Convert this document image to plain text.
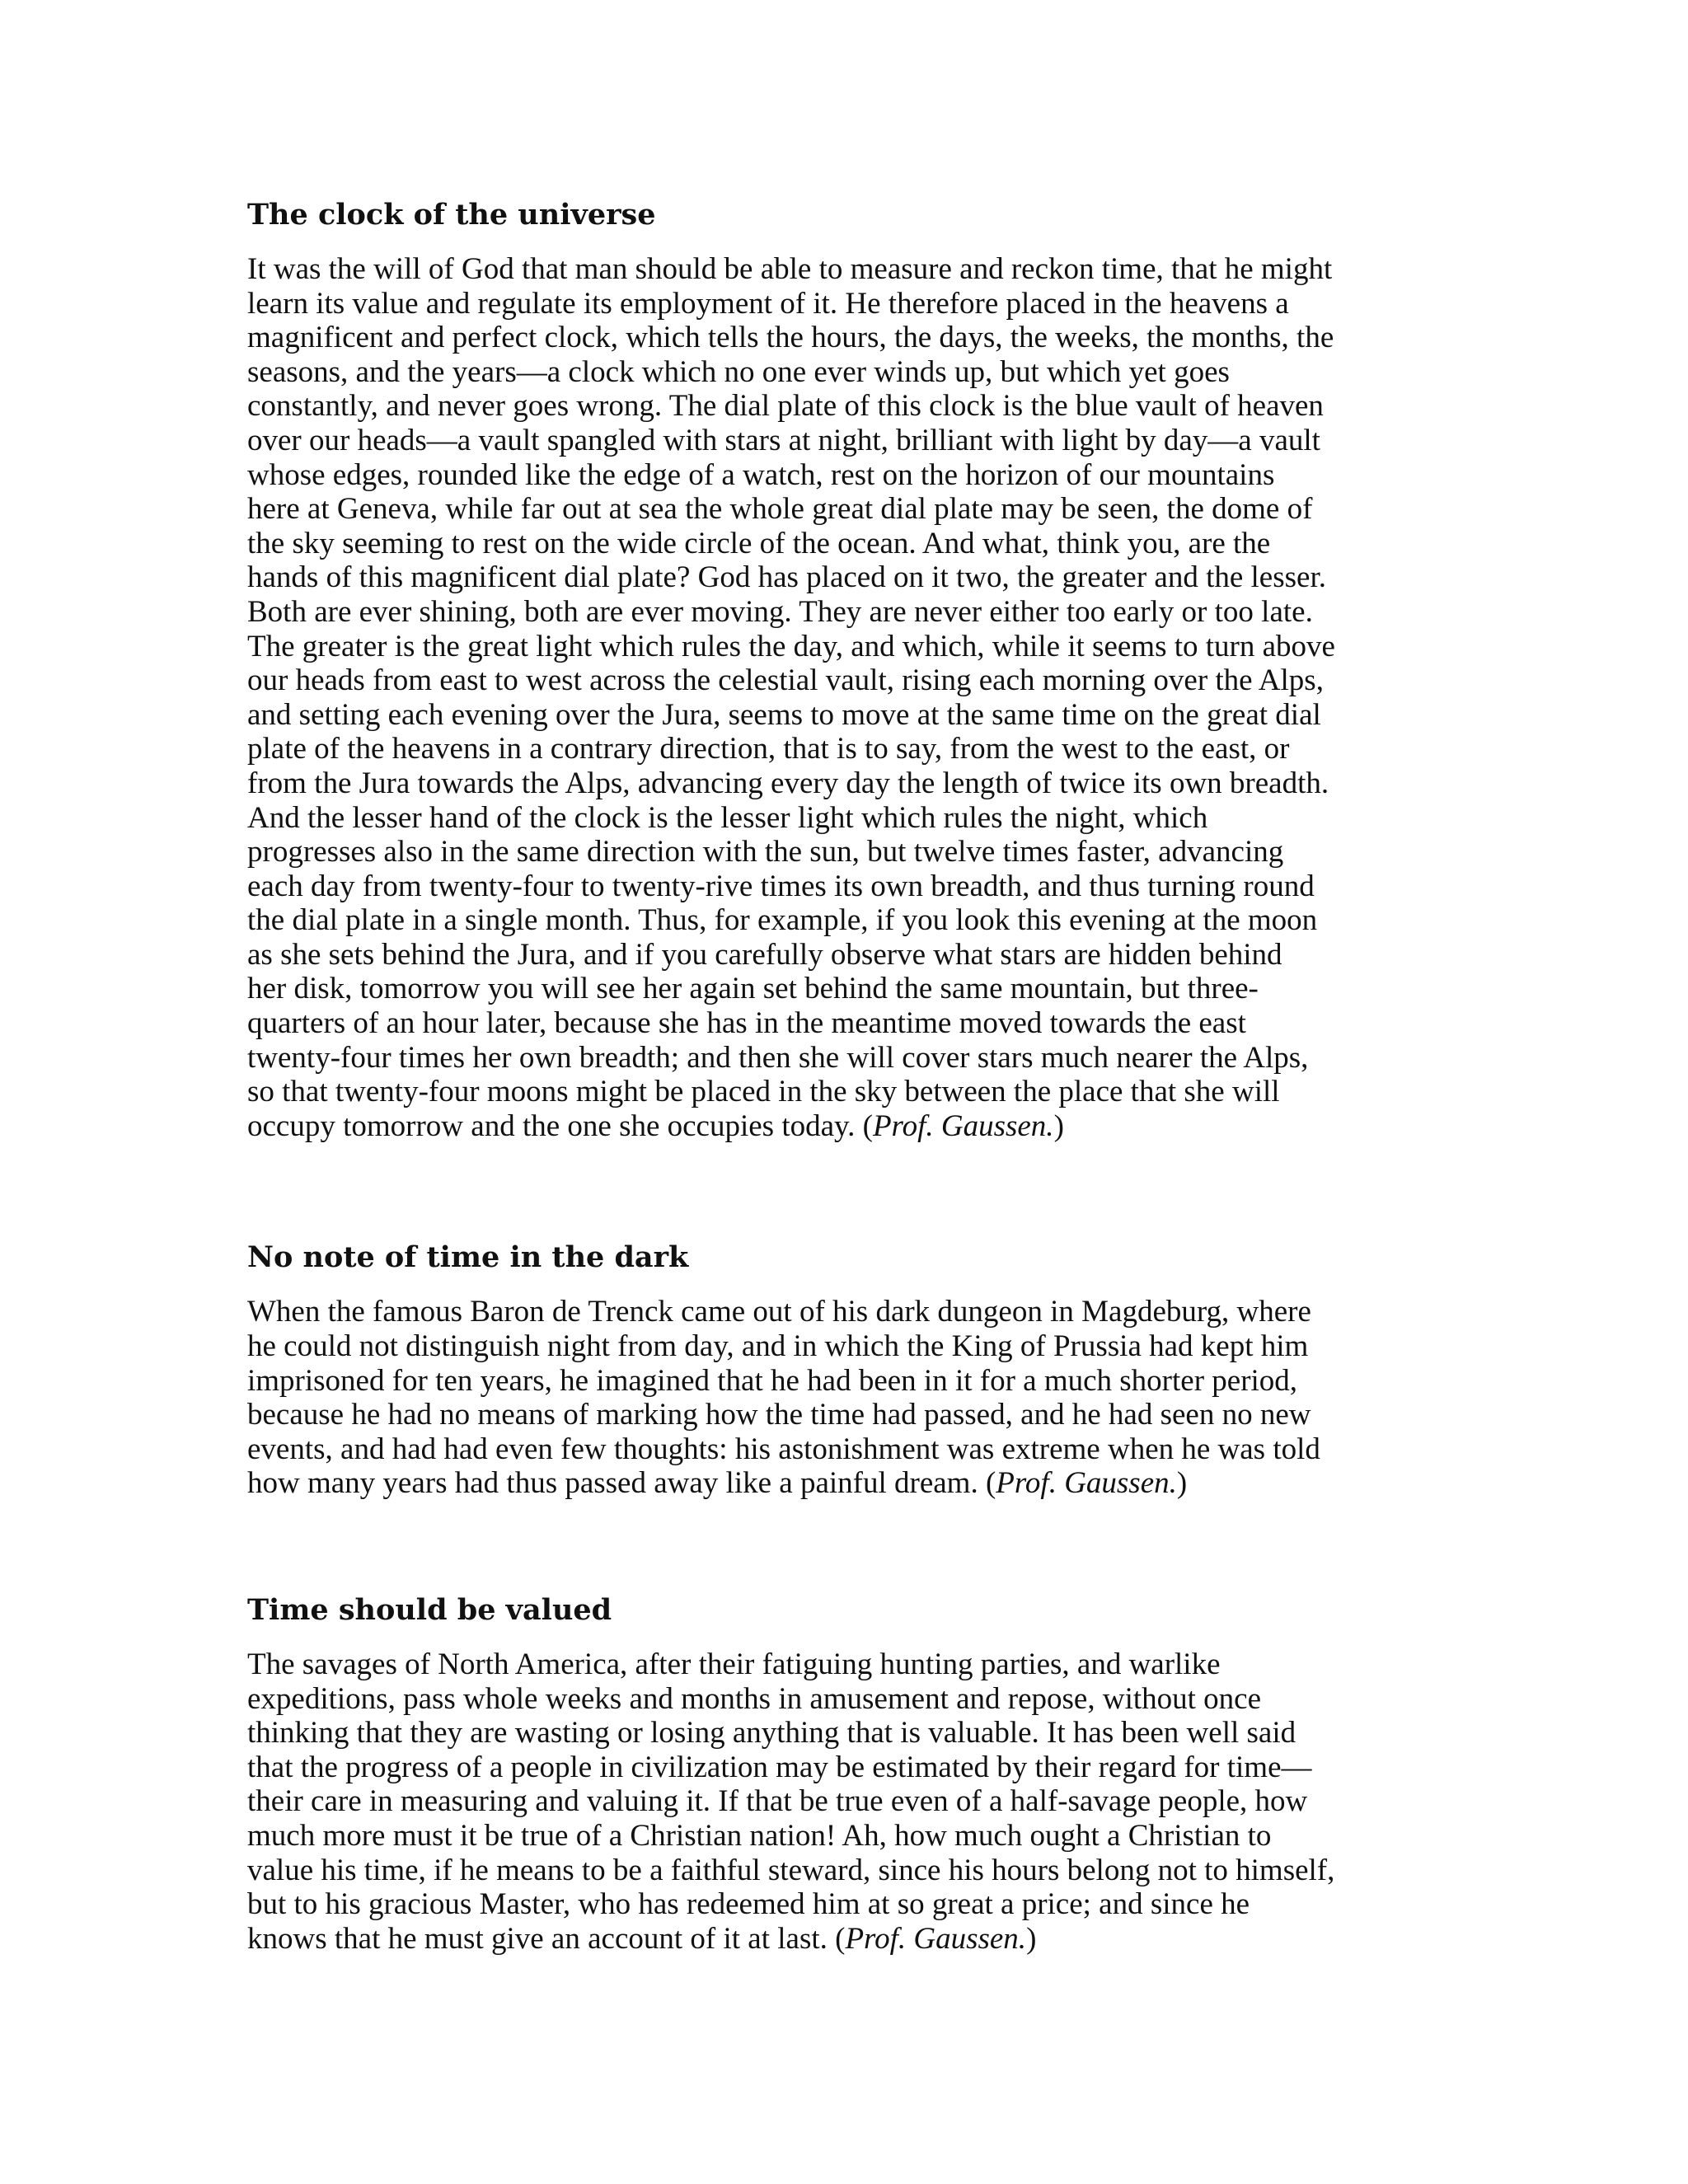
The clock of the universe

It was the will of God that man should be able to measure and reckon time, that he might
learn its value and regulate its employment of it. He therefore placed in the heavens a
magnificent and perfect clock, which tells the hours, the days, the weeks, the months, the
seasons, and the years—a clock which no one ever winds up, but which yet goes
constantly, and never goes wrong. The dial plate of this clock is the blue vault of heaven
over our heads—a vault spangled with stars at night, brilliant with light by day—a vault
whose edges, rounded like the edge of a watch, rest on the horizon of our mountains
here at Geneva, while far out at sea the whole great dial plate may be seen, the dome of
the sky seeming to rest on the wide circle of the ocean. And what, think you, are the
hands of this magnificent dial plate? God has placed on it two, the greater and the lesser.
Both are ever shining, both are ever moving. They are never either too early or too late.
The greater is the great light which rules the day, and which, while it seems to turn above
our heads from east to west across the celestial vault, rising each morning over the Alps,
and setting each evening over the Jura, seems to move at the same time on the great dial
plate of the heavens in a contrary direction, that is to say, from the west to the east, or
from the Jura towards the Alps, advancing every day the length of twice its own breadth.
And the lesser hand of the clock is the lesser light which rules the night, which
progresses also in the same direction with the sun, but twelve times faster, advancing
each day from twenty-four to twenty-rive times its own breadth, and thus turning round
the dial plate in a single month. Thus, for example, if you look this evening at the moon
as she sets behind the Jura, and if you carefully observe what stars are hidden behind
her disk, tomorrow you will see her again set behind the same mountain, but three-
quarters of an hour later, because she has in the meantime moved towards the east
twenty-four times her own breadth; and then she will cover stars much nearer the Alps,
so that twenty-four moons might be placed in the sky between the place that she will
occupy tomorrow and the one she occupies today. (Prof. Gaussen.)

No note of time in the dark

When the famous Baron de Trenck came out of his dark dungeon in Magdeburg, where
he could not distinguish night from day, and in which the King of Prussia had kept him
imprisoned for ten years, he imagined that he had been in it for a much shorter period,
because he had no means of marking how the time had passed, and he had seen no new
events, and had had even few thoughts: his astonishment was extreme when he was told
how many years had thus passed away like a painful dream. (Prof. Gaussen.)

Time should be valued

The savages of North America, after their fatiguing hunting parties, and warlike
expeditions, pass whole weeks and months in amusement and repose, without once
thinking that they are wasting or losing anything that is valuable. It has been well said
that the progress of a people in civilization may be estimated by their regard for time—
their care in measuring and valuing it. If that be true even of a half-savage people, how
much more must it be true of a Christian nation! Ah, how much ought a Christian to
value his time, if he means to be a faithful steward, since his hours belong not to himself,
but to his gracious Master, who has redeemed him at so great a price; and since he
knows that he must give an account of it at last. (Prof. Gaussen.)
